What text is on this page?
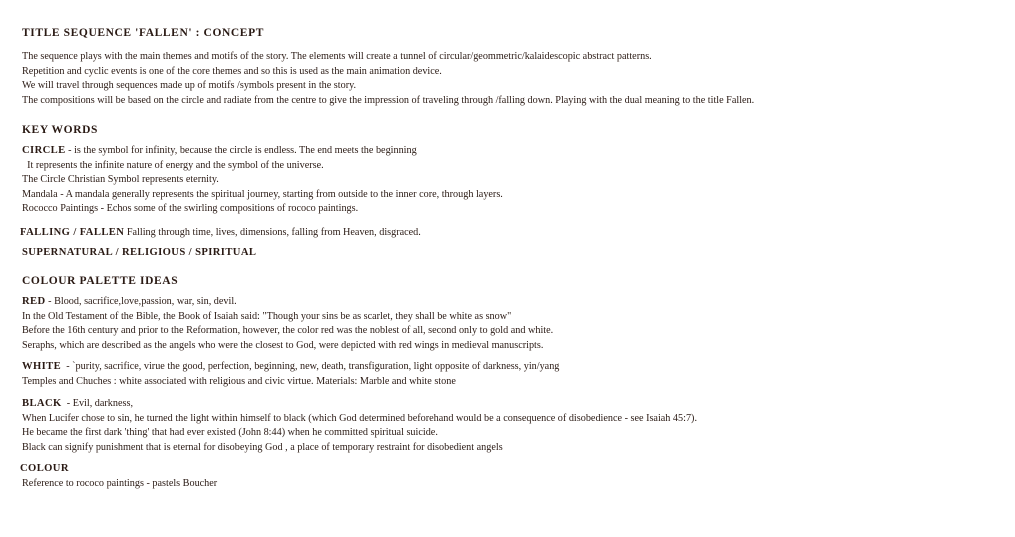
TITLE SEQUENCE 'FALLEN' : CONCEPT
The sequence plays with the main themes and motifs of the story. The elements will create a tunnel of circular/geommetric/kalaidescopic abstract patterns.
Repetition and cyclic events is one of the core themes and so this is used as the main animation device.
We will travel through sequences made up of motifs /symbols present in the story.
The compositions will be based on the circle and radiate from the centre to give the impression of traveling through /falling down. Playing with the dual meaning to the title Fallen.
KEY WORDS
CIRCLE - is the symbol for infinity, because the circle is endless. The end meets the beginning
It represents the infinite nature of energy and the symbol of the universe.
The Circle Christian Symbol represents eternity.
Mandala - A mandala generally represents the spiritual journey, starting from outside to the inner core, through layers.
Rococco Paintings - Echos some of the swirling compositions of rococo paintings.
FALLING / FALLEN Falling through time, lives, dimensions, falling from Heaven, disgraced.
SUPERNATURAL / RELIGIOUS / SPIRITUAL
COLOUR PALETTE IDEAS
RED - Blood, sacrifice,love,passion, war, sin, devil.
In the Old Testament of the Bible, the Book of Isaiah said: "Though your sins be as scarlet, they shall be white as snow"
Before the 16th century and prior to the Reformation, however, the color red was the noblest of all, second only to gold and white.
Seraphs, which are described as the angels who were the closest to God, were depicted with red wings in medieval manuscripts.
WHITE  - `purity, sacrifice, virue the good, perfection, beginning, new, death, transfiguration, light opposite of darkness, yin/yang
Temples and Chuches : white associated with religious and civic virtue. Materials: Marble and white stone
BLACK  - Evil, darkness,
When Lucifer chose to sin, he turned the light within himself to black (which God determined beforehand would be a consequence of disobedience - see Isaiah 45:7).
He became the first dark 'thing' that had ever existed (John 8:44) when he committed spiritual suicide.
Black can signify punishment that is eternal for disobeying God , a place of temporary restraint for disobedient angels
COLOUR
Reference to rococo paintings - pastels Boucher
